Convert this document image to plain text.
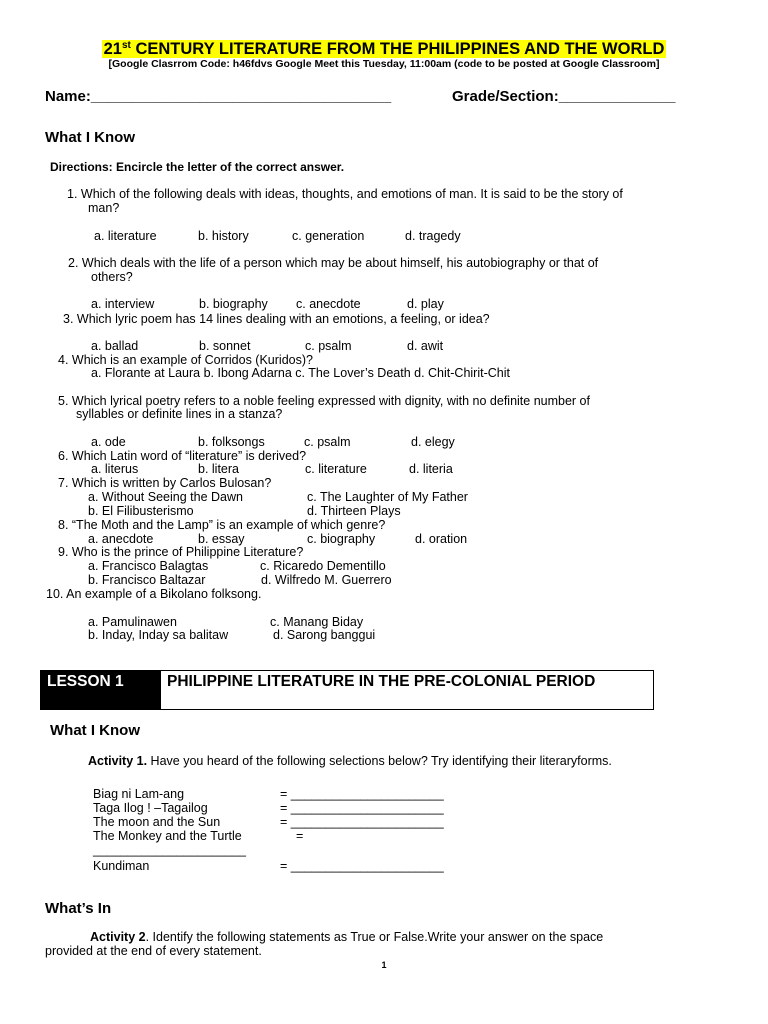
21st CENTURY LITERATURE FROM THE PHILIPPINES AND THE WORLD
[Google Clasrrom Code: h46fdvs Google Meet this Tuesday, 11:00am (code to be posted at Google Classroom]
Name:____________________________________	Grade/Section:______________
What I Know
Directions: Encircle the letter of the correct answer.
1. Which of the following deals with ideas, thoughts, and emotions of man. It is said to be the story of
man?
a. literature	b. history	c. generation	d. tragedy
2. Which deals with the life of a person which may be about himself, his autobiography or that of
others?
a. interview	b. biography c. anecdote	d. play
3. Which lyric poem has 14 lines dealing with an emotions, a feeling, or idea?
a. ballad	b. sonnet	c. psalm	d. awit
4. Which is an example of Corridos (Kuridos)?
a. Florante at Laura b. Ibong Adarna c. The Lover’s Death d. Chit-Chirit-Chit
5. Which lyrical poetry refers to a noble feeling expressed with dignity, with no definite number of
syllables or definite lines in a stanza?
a. ode	b. folksongs	c. psalm	d. elegy
6. Which Latin word of “literature” is derived?
a. literus	b. litera	c. literature	d. literia
7. Which is written by Carlos Bulosan?
a. Without Seeing the Dawn	c. The Laughter of My Father
b. El Filibusterismo	d. Thirteen Plays
8. “The Moth and the Lamp” is an example of which genre?
a. anecdote	b. essay	c. biography	d. oration
9. Who is the prince of Philippine Literature?
a. Francisco Balagtas	c. Ricaredo Dementillo
b. Francisco Baltazar	d. Wilfredo M. Guerrero
10. An example of a Bikolano folksong.
a. Pamulinawen	c. Manang Biday
b. Inday, Inday sa balitaw	d. Sarong banggui
LESSON 1	PHILIPPINE LITERATURE IN THE PRE-COLONIAL PERIOD
What I Know
Activity 1. Have you heard of the following selections below? Try identifying their literaryforms.
Biag ni Lam-ang	= ______________________
Taga Ilog ! –Tagailog	= ______________________
The moon and the Sun	= ______________________
The Monkey and the Turtle	=
______________________
Kundiman	= ______________________
What’s In
Activity 2. Identify the following statements as True or False.Write your answer on the space
provided at the end of every statement.
1
